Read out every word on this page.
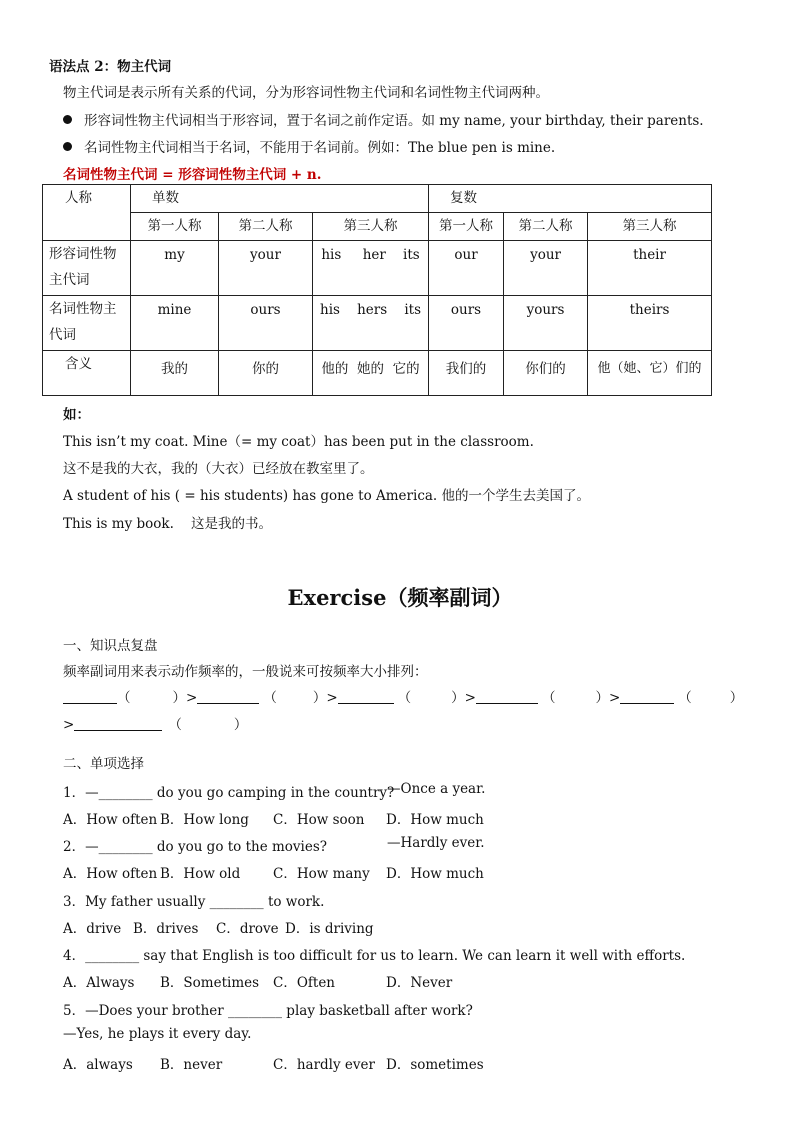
语法点 2：物主代词
物主代词是表示所有关系的代词，分为形容词性物主代词和名词性物主代词两种。
形容词性物主代词相当于形容词，置于名词之前作定语。如 my name, your birthday, their parents.
名词性物主代词相当于名词，不能用于名词前。例如：The blue pen is mine.
名词性物主代词 = 形容词性物主代词 + n.
人称	单数			复数		
	第一人称	第二人称	第三人称	第一人称	第二人称	第三人称
形容词性物主代词	my	your	his     her    its	our	your	their
名词性物主代词	mine	ours	his    hers    its	ours	yours	theirs
含义	我的	你的	他的  她的  它的	我们的	你们的	他（她、它）们的
如：
This isn’t my coat. Mine（= my coat）has been put in the classroom.
这不是我的大衣，我的（大衣）已经放在教室里了。
A student of his ( = his students) has gone to America. 他的一个学生去美国了。
This is my book.    这是我的书。
Exercise（频率副词）
一、知识点复盘
频率副词用来表示动作频率的，一般说来可按频率大小排列：
（	）>	（	）>	（	）>	（	）>	（	）
>	（	）
二、单项选择
1．—________ do you go camping in the country?
—Once a year.
A．How often B．How long C．How soon D．How much
2．—________ do you go to the movies?	—Hardly ever.
A．How often B．How old C．How many D．How much
3．My father usually ________ to work.
A．drive B．drives C．drove D．is driving
4．________ say that English is too difficult for us to learn. We can learn it well with efforts.
A．Always B．Sometimes C．Often	D．Never
5．—Does your brother ________ play basketball after work?
—Yes, he plays it every day.
A．always B．never	C．hardly ever D．sometimes
